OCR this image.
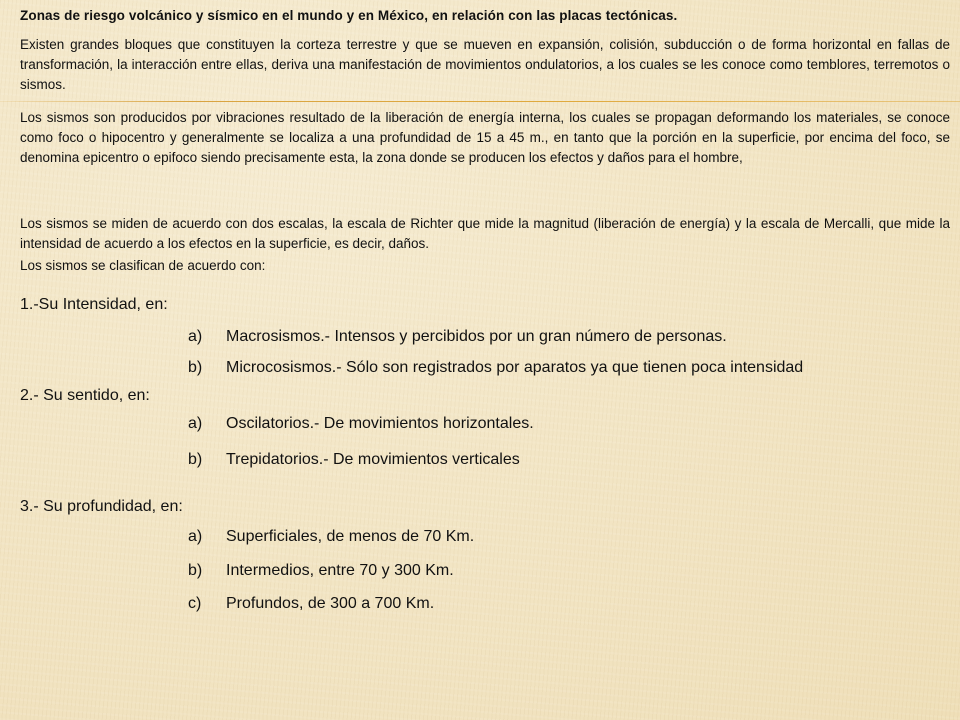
Zonas de riesgo volcánico y sísmico en el mundo y en México, en relación con las placas tectónicas.

Existen grandes bloques que constituyen la corteza terrestre y que se mueven en expansión, colisión, subducción o de forma horizontal en fallas de transformación, la interacción entre ellas, deriva una manifestación de movimientos ondulatorios, a los cuales se les conoce como temblores, terremotos o sismos.

Los sismos son producidos por vibraciones resultado de la liberación de energía interna, los cuales se propagan deformando los materiales, se conoce como foco o hipocentro y generalmente se localiza a una profundidad de 15 a 45 m., en tanto que la porción en la superficie, por encima del foco, se denomina epicentro o epifoco siendo precisamente esta, la zona donde se producen los efectos y daños para el hombre,

Los sismos se miden de acuerdo con dos escalas, la escala de Richter que mide la magnitud (liberación de energía) y la escala de Mercalli, que mide la intensidad de acuerdo a los efectos en la superficie, es decir, daños.

Los sismos se clasifican de acuerdo con:

1.-Su Intensidad, en:
a) Macrosismos.- Intensos y percibidos por un gran número de personas.
b) Microcosismos.- Sólo son registrados por aparatos ya que tienen poca intensidad
2.- Su sentido, en:
a) Oscilatorios.- De movimientos horizontales.
b) Trepidatorios.- De movimientos verticales
3.- Su profundidad, en:
a) Superficiales, de menos de 70 Km.
b) Intermedios, entre 70 y 300 Km.
c) Profundos, de 300 a 700 Km.
